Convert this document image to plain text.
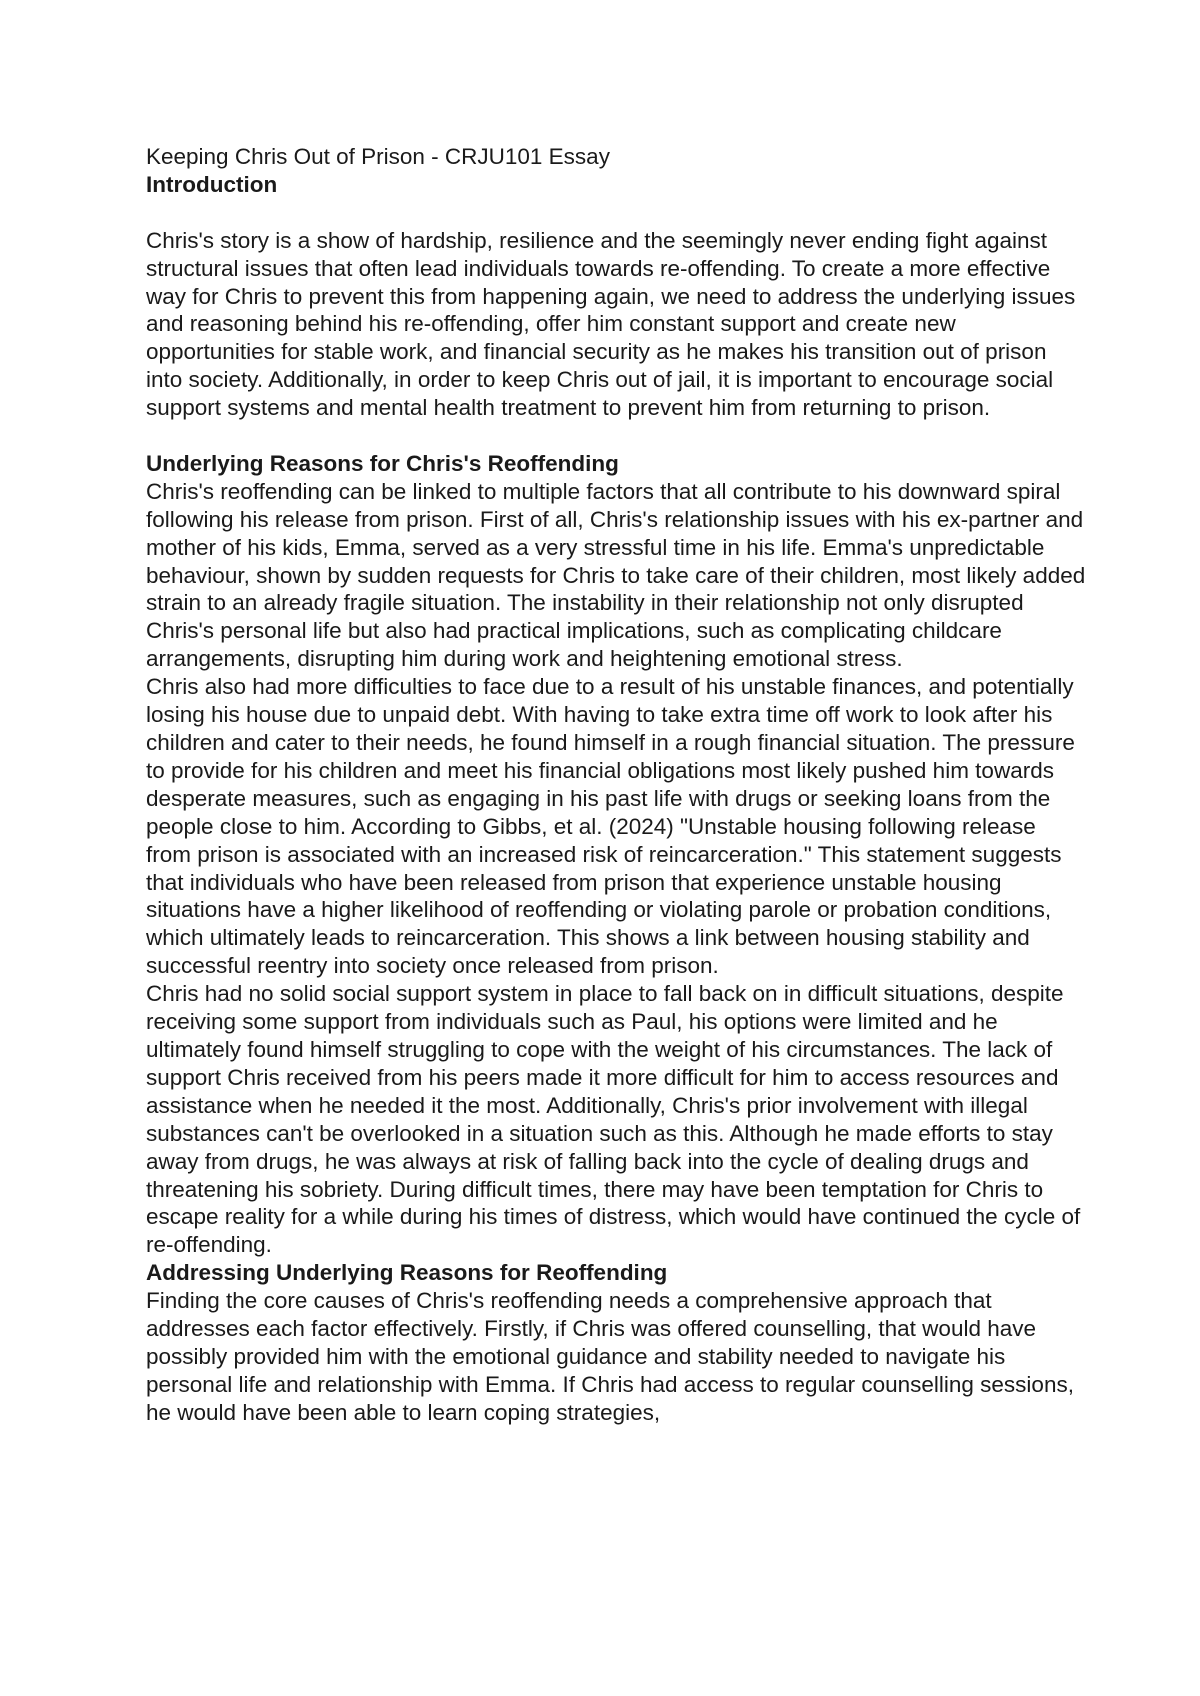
Keeping Chris Out of Prison - CRJU101 Essay

Introduction

Chris's story is a show of hardship, resilience and the seemingly never ending fight against structural issues that often lead individuals towards re-offending. To create a more effective way for Chris to prevent this from happening again, we need to address the underlying issues and reasoning behind his re-offending, offer him constant support and create new opportunities for stable work, and financial security as he makes his transition out of prison into society. Additionally, in order to keep Chris out of jail, it is important to encourage social support systems and mental health treatment to prevent him from returning to prison.

Underlying Reasons for Chris's Reoffending

Chris's reoffending can be linked to multiple factors that all contribute to his downward spiral following his release from prison. First of all, Chris's relationship issues with his ex-partner and mother of his kids, Emma, served as a very stressful time in his life. Emma's unpredictable behaviour, shown by sudden requests for Chris to take care of their children, most likely added strain to an already fragile situation. The instability in their relationship not only disrupted Chris's personal life but also had practical implications, such as complicating childcare arrangements, disrupting him during work and heightening emotional stress.

Chris also had more difficulties to face due to a result of his unstable finances, and potentially losing his house due to unpaid debt. With having to take extra time off work to look after his children and cater to their needs, he found himself in a rough financial situation. The pressure to provide for his children and meet his financial obligations most likely pushed him towards desperate measures, such as engaging in his past life with drugs or seeking loans from the people close to him. According to Gibbs, et al. (2024) "Unstable housing following release from prison is associated with an increased risk of reincarceration." This statement suggests that individuals who have been released from prison that experience unstable housing situations have a higher likelihood of reoffending or violating parole or probation conditions, which ultimately leads to reincarceration. This shows a link between housing stability and successful reentry into society once released from prison.

Chris had no solid social support system in place to fall back on in difficult situations, despite receiving some support from individuals such as Paul, his options were limited and he ultimately found himself struggling to cope with the weight of his circumstances. The lack of support Chris received from his peers made it more difficult for him to access resources and assistance when he needed it the most. Additionally, Chris's prior involvement with illegal substances can't be overlooked in a situation such as this. Although he made efforts to stay away from drugs, he was always at risk of falling back into the cycle of dealing drugs and threatening his sobriety. During difficult times, there may have been temptation for Chris to escape reality for a while during his times of distress, which would have continued the cycle of re-offending.

Addressing Underlying Reasons for Reoffending

Finding the core causes of Chris's reoffending needs a comprehensive approach that addresses each factor effectively. Firstly, if Chris was offered counselling, that would have possibly provided him with the emotional guidance and stability needed to navigate his personal life and relationship with Emma. If Chris had access to regular counselling sessions, he would have been able to learn coping strategies,
